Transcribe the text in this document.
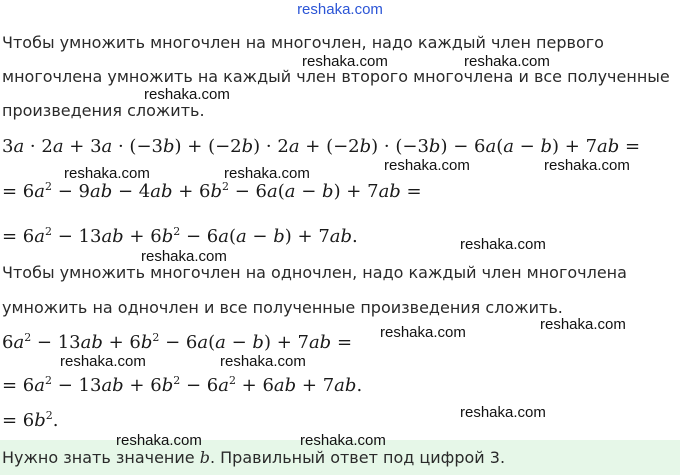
reshaka.com
Чтобы умножить многочлен на многочлен, надо каждый член первого
многочлена умножить на каждый член второго многочлена и все полученные
произведения сложить.
3a · 2a + 3a · (−3b) + (−2b) · 2a + (−2b) · (−3b) − 6a(a − b) + 7ab =
= $6a^2 - 9ab - 4ab + 6b^2 - 6a(a - b) + 7ab$ =
= $6a^2 - 13ab + 6b^2 - 6a(a - b) + 7ab$.
Чтобы умножить многочлен на одночлен, надо каждый член многочлена
умножить на одночлен и все полученные произведения сложить.
$6a^2 - 13ab + 6b^2 - 6a(a - b) + 7ab$ =
= $6a^2 - 13ab + 6b^2 - 6a^2 + 6ab + 7ab$.
= $6b^2$.
Нужно знать значение b. Правильный ответ под цифрой 3.
reshaka.com	reshaka.com
reshaka.com
reshaka.com	reshaka.com
reshaka.com	reshaka.com
reshaka.com
reshaka.com
reshaka.com
reshaka.com
reshaka.com	reshaka.com
reshaka.com
reshaka.com	reshaka.com
